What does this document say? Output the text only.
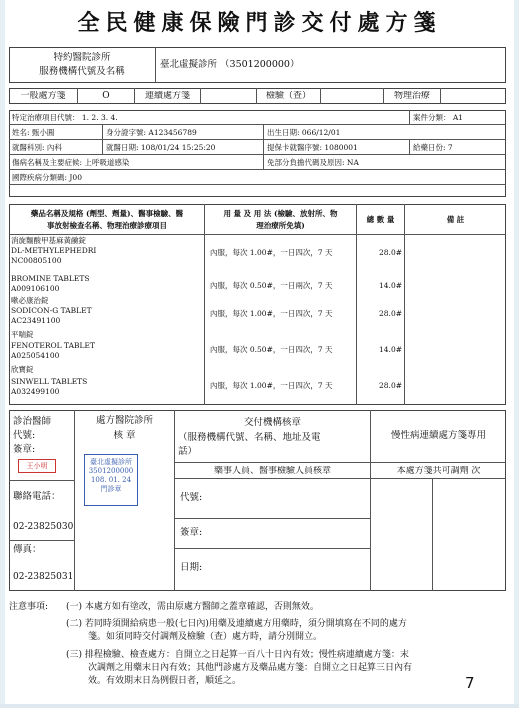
全民健康保險門診交付處方箋
特約醫院診所
服務機構代號及名稱
臺北虛擬診所 （3501200000）
一般處方箋	O	連續處方箋	檢驗（查）	物理治療
特定治療項目代號： 1. 2. 3. 4.	案件分類： A1
姓名: 甄小圓	身分證字號: A123456789	出生日期: 066/12/01
就醫科別: 內科	就醫日期: 108/01/24 15:25:20	提保卡就醫序號: 1080001	給藥日份: 7
傷病名稱及主要症候: 上呼吸道感染	免部分負擔代碼及原因: NA
國際疾病分類碼: J00
藥品名稱及規格 (劑型、劑量)、醫事檢驗、醫
事放射檢查名稱、物理治療診療項目
用 量 及 用 法 (檢驗、放射所、物
理治療所免填)
總 數 量	備 註
消旋麵酸甲基麻黃鹼錠
DL-METHYLEPHEDRI
NC00805100
內服，每次 1.00#，一日四次，7 天	28.0#
BROMINE TABLETS
A009106100	內服，每次 0.50#，一日兩次，7 天	14.0#
嗽必康治錠
SODICON-G TABLET
AC23491100
內服，每次 1.00#，一日四次，7 天	28.0#
平喘錠
FENOTEROL TABLET
A025054100
內服，每次 0.50#，一日四次，7 天	14.0#
欣寶錠
SINWELL TABLETS
A032499100
內服，每次 1.00#，一日四次，7 天	28.0#
診治醫師
代號:
簽章:
王小明
聯絡電話：
02-23825030
傳真：
02-23825031
處方醫院診所
核 章
臺北虛擬診所
3501200000
108. 01. 24
門診章
交付機構核章
（服務機構代號、名稱、地址及電
話）
慢性病連續處方箋專用
藥事人員、醫事檢驗人員核章	本處方箋共可調劑 次
代號:
簽章:
日期:
注意事項: (一) 本處方如有塗改，需由原處方醫師之蓋章確認，否則無效。
(二) 若同時須開給病患一般(七日內)用藥及連續處方用藥時，須分開填寫在不同的處方
箋。如須同時交付調劑及檢驗（查）處方時，請分別開立。
(三) 排程檢驗、檢查處方：自開立之日起算一百八十日內有效；慢性病連續處方箋：末
次調劑之用藥末日內有效；其他門診處方及藥品處方箋：自開立之日起算三日內有
效。有效期末日為例假日者，順延之。	7
